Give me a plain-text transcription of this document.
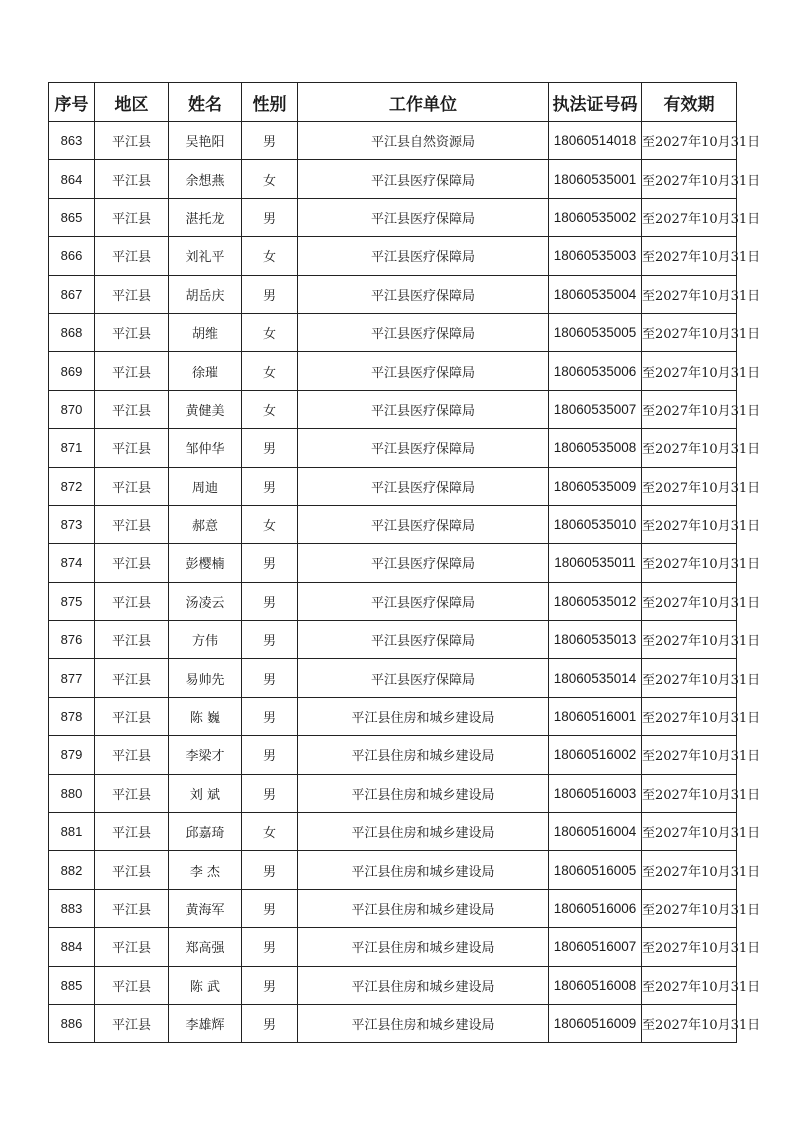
序号	地区	姓名	性别	工作单位	执法证号码	有效期
863	平江县	吴艳阳	男	平江县自然资源局	18060514018	至2027年10月31日
864	平江县	余想燕	女	平江县医疗保障局	18060535001	至2027年10月31日
865	平江县	湛托龙	男	平江县医疗保障局	18060535002	至2027年10月31日
866	平江县	刘礼平	女	平江县医疗保障局	18060535003	至2027年10月31日
867	平江县	胡岳庆	男	平江县医疗保障局	18060535004	至2027年10月31日
868	平江县	胡维	女	平江县医疗保障局	18060535005	至2027年10月31日
869	平江县	徐璀	女	平江县医疗保障局	18060535006	至2027年10月31日
870	平江县	黄健美	女	平江县医疗保障局	18060535007	至2027年10月31日
871	平江县	邹仲华	男	平江县医疗保障局	18060535008	至2027年10月31日
872	平江县	周迪	男	平江县医疗保障局	18060535009	至2027年10月31日
873	平江县	郝意	女	平江县医疗保障局	18060535010	至2027年10月31日
874	平江县	彭樱楠	男	平江县医疗保障局	18060535011	至2027年10月31日
875	平江县	汤凌云	男	平江县医疗保障局	18060535012	至2027年10月31日
876	平江县	方伟	男	平江县医疗保障局	18060535013	至2027年10月31日
877	平江县	易帅先	男	平江县医疗保障局	18060535014	至2027年10月31日
878	平江县	陈 巍	男	平江县住房和城乡建设局	18060516001	至2027年10月31日
879	平江县	李梁才	男	平江县住房和城乡建设局	18060516002	至2027年10月31日
880	平江县	刘 斌	男	平江县住房和城乡建设局	18060516003	至2027年10月31日
881	平江县	邱嘉琦	女	平江县住房和城乡建设局	18060516004	至2027年10月31日
882	平江县	李 杰	男	平江县住房和城乡建设局	18060516005	至2027年10月31日
883	平江县	黄海军	男	平江县住房和城乡建设局	18060516006	至2027年10月31日
884	平江县	郑高强	男	平江县住房和城乡建设局	18060516007	至2027年10月31日
885	平江县	陈 武	男	平江县住房和城乡建设局	18060516008	至2027年10月31日
886	平江县	李雄辉	男	平江县住房和城乡建设局	18060516009	至2027年10月31日
